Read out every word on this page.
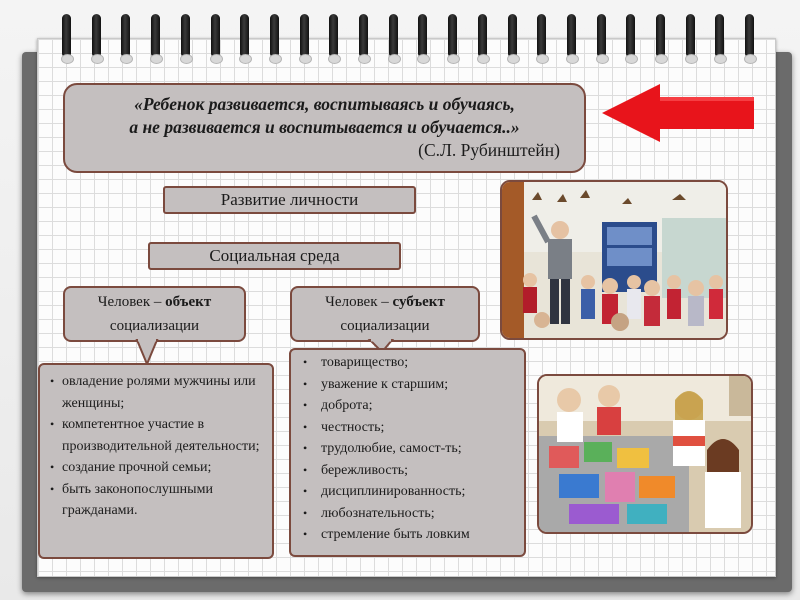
«Ребенок развивается, воспитываясь и обучаясь,
а не развивается и воспитывается и обучается..»
(С.Л. Рубинштейн)
Развитие личности
Социальная среда
Человек – объект
социализации
Человек – субъект
социализации
• овладение ролями мужчины или женщины;
• компетентное участие в производительной деятельности;
• создание прочной семьи;
• быть законопослушными гражданами.
• товарищество;
• уважение к старшим;
• доброта;
• честность;
• трудолюбие, самост-ть;
• бережливость;
• дисциплинированность;
• любознательность;
• стремление быть ловким
